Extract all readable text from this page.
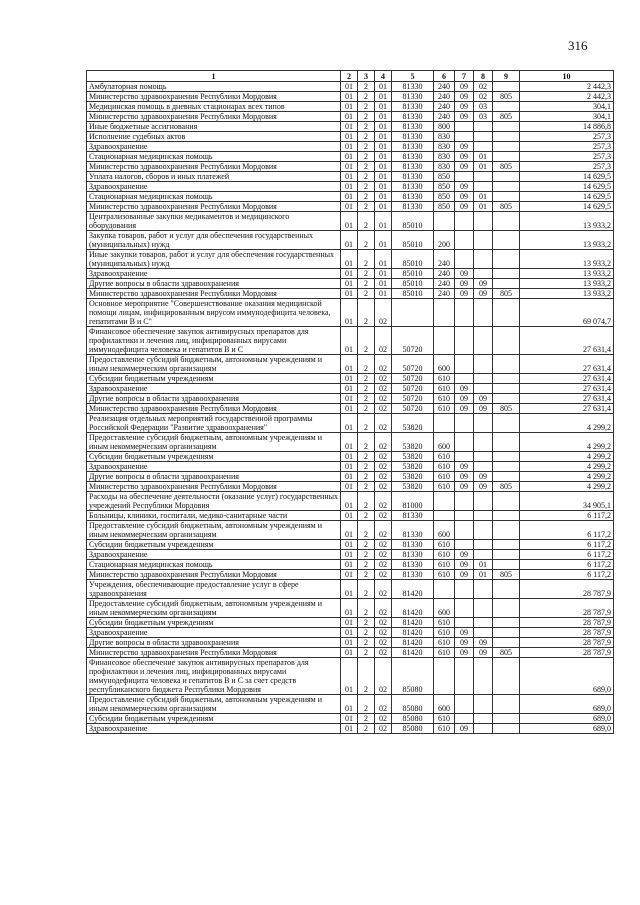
316
1	2	3	4	5	6	7	8	9	10
Амбулаторная помощь	01	2	01	81330	240	09	02		2 442,3
Министерство здравоохранения Республики Мордовия	01	2	01	81330	240	09	02	805	2 442,3
Медицинская помощь в дневных стационарах всех типов	01	2	01	81330	240	09	03		304,1
Министерство здравоохранения Республики Мордовия	01	2	01	81330	240	09	03	805	304,1
Иные бюджетные ассигнования	01	2	01	81330	800				14 886,8
Исполнение судебных актов	01	2	01	81330	830				257,3
Здравоохранение	01	2	01	81330	830	09			257,3
Стационарная медицинская помощь	01	2	01	81330	830	09	01		257,3
Министерство здравоохранения Республики Мордовия	01	2	01	81330	830	09	01	805	257,3
Уплата налогов, сборов и иных платежей	01	2	01	81330	850				14 629,5
Здравоохранение	01	2	01	81330	850	09			14 629,5
Стационарная медицинская помощь	01	2	01	81330	850	09	01		14 629,5
Министерство здравоохранения Республики Мордовия	01	2	01	81330	850	09	01	805	14 629,5
Централизованные закупки медикаментов и медицинского оборудования	01	2	01	85010					13 933,2
Закупка товаров, работ и услуг для обеспечения государственных (муниципальных) нужд	01	2	01	85010	200				13 933,2
Иные закупки товаров, работ и услуг для обеспечения государственных (муниципальных) нужд	01	2	01	85010	240				13 933,2
Здравоохранение	01	2	01	85010	240	09			13 933,2
Другие вопросы в области здравоохранения	01	2	01	85010	240	09	09		13 933,2
Министерство здравоохранения Республики Мордовия	01	2	01	85010	240	09	09	805	13 933,2
Основное мероприятие "Совершенствование оказания медицинской помощи лицам, инфицированным вирусом иммунодефицита человека, гепатитами В и С"	01	2	02						69 074,7
Финансовое обеспечение закупок антивирусных препаратов для профилактики и лечения лиц, инфицированных вирусами иммунодефицита человека и гепатитов В и С	01	2	02	50720					27 631,4
Предоставление субсидий бюджетным, автономным учреждениям и иным некоммерческим организациям	01	2	02	50720	600				27 631,4
Субсидии бюджетным учреждениям	01	2	02	50720	610				27 631,4
Здравоохранение	01	2	02	50720	610	09			27 631,4
Другие вопросы в области здравоохранения	01	2	02	50720	610	09	09		27 631,4
Министерство здравоохранения Республики Мордовия	01	2	02	50720	610	09	09	805	27 631,4
Реализация отдельных мероприятий государственной программы Российской Федерации "Развитие здравоохранения"	01	2	02	53820					4 299,2
Предоставление субсидий бюджетным, автономным учреждениям и иным некоммерческим организациям	01	2	02	53820	600				4 299,2
Субсидии бюджетным учреждениям	01	2	02	53820	610				4 299,2
Здравоохранение	01	2	02	53820	610	09			4 299,2
Другие вопросы в области здравоохранения	01	2	02	53820	610	09	09		4 299,2
Министерство здравоохранения Республики Мордовия	01	2	02	53820	610	09	09	805	4 299,2
Расходы на обеспечение деятельности (оказание услуг) государственных учреждений Республики Мордовия	01	2	02	81000					34 905,1
Больницы, клиники, госпитали, медико-санитарные части	01	2	02	81330					6 117,2
Предоставление субсидий бюджетным, автономным учреждениям и иным некоммерческим организациям	01	2	02	81330	600				6 117,2
Субсидии бюджетным учреждениям	01	2	02	81330	610				6 117,2
Здравоохранение	01	2	02	81330	610	09			6 117,2
Стационарная медицинская помощь	01	2	02	81330	610	09	01		6 117,2
Министерство здравоохранения Республики Мордовия	01	2	02	81330	610	09	01	805	6 117,2
Учреждения, обеспечивающие предоставление услуг в сфере здравоохранения	01	2	02	81420					28 787,9
Предоставление субсидий бюджетным, автономным учреждениям и иным некоммерческим организациям	01	2	02	81420	600				28 787,9
Субсидии бюджетным учреждениям	01	2	02	81420	610				28 787,9
Здравоохранение	01	2	02	81420	610	09			28 787,9
Другие вопросы в области здравоохранения	01	2	02	81420	610	09	09		28 787,9
Министерство здравоохранения Республики Мордовия	01	2	02	81420	610	09	09	805	28 787,9
Финансовое обеспечение закупок антивирусных препаратов для профилактики и лечения лиц, инфицированных вирусами иммунодефицита человека и гепатитов В и С за счет средств республиканского бюджета Республики Мордовия	01	2	02	85080					689,0
Предоставление субсидий бюджетным, автономным учреждениям и иным некоммерческим организациям	01	2	02	85080	600				689,0
Субсидии бюджетным учреждениям	01	2	02	85080	610				689,0
Здравоохранение	01	2	02	85080	610	09			689,0
